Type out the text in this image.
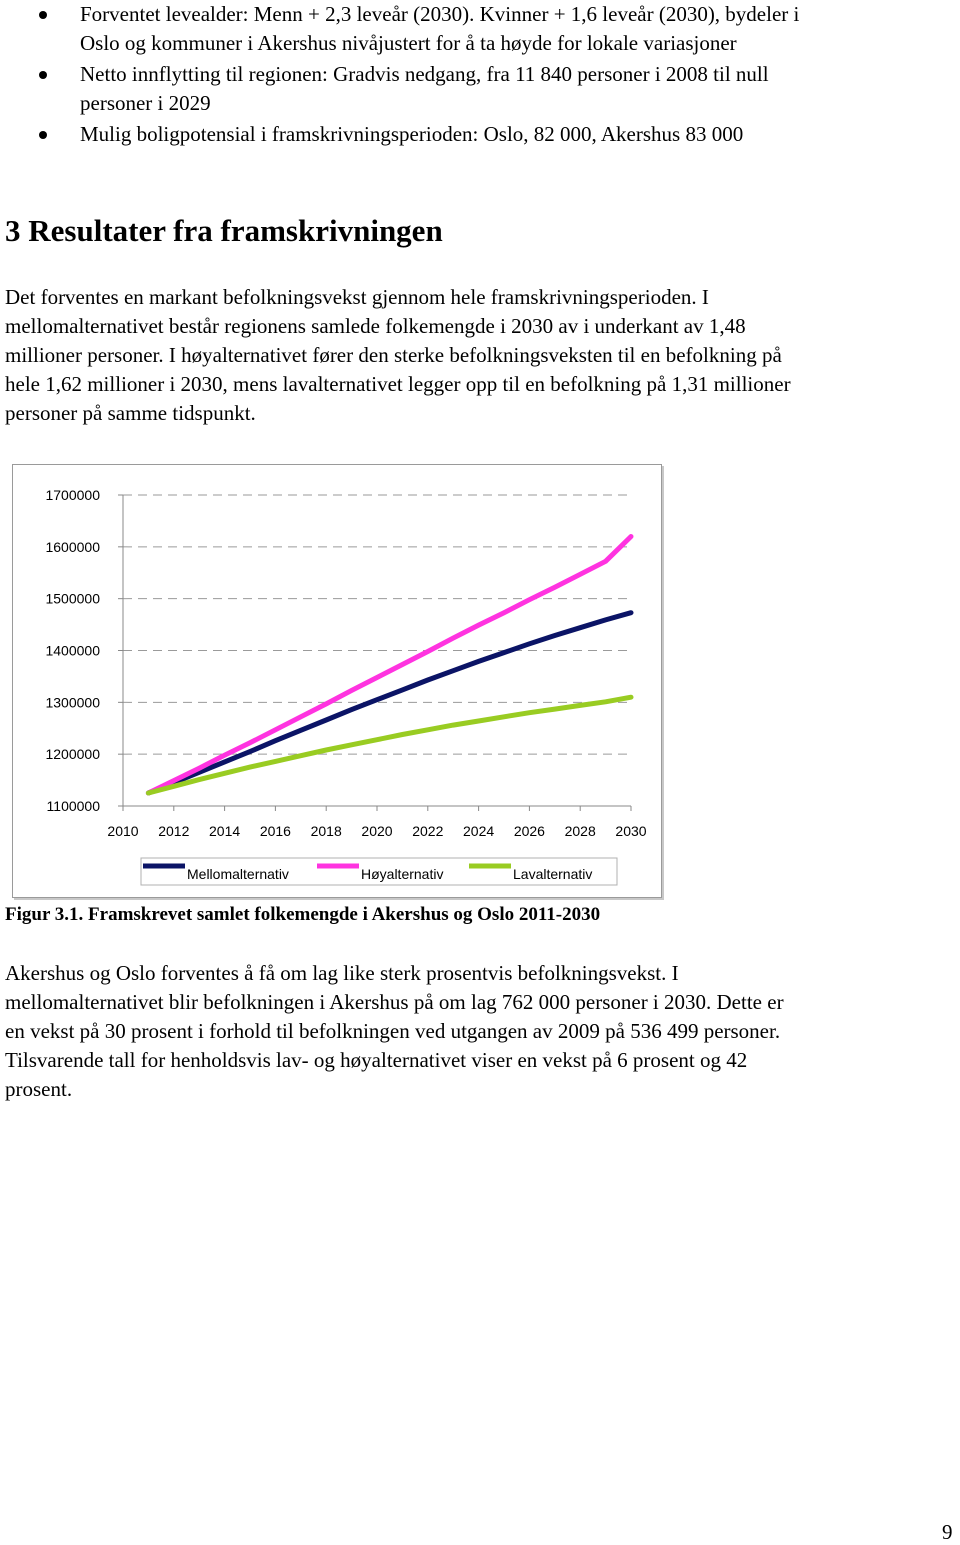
Forventet levealder: Menn + 2,3 leveår (2030). Kvinner + 1,6 leveår (2030), bydeler i
Oslo og kommuner i Akershus nivåjustert for å ta høyde for lokale variasjoner
Netto innflytting til regionen: Gradvis nedgang, fra 11 840 personer i 2008 til null
personer i 2029
Mulig boligpotensial i framskrivningsperioden: Oslo, 82 000, Akershus 83 000
3 Resultater fra framskrivningen
Det forventes en markant befolkningsvekst gjennom hele framskrivningsperioden. I
mellomalternativet består regionens samlede folkemengde i 2030 av i underkant av 1,48
millioner personer. I høyalternativet fører den sterke befolkningsveksten til en befolkning på
hele 1,62 millioner i 2030, mens lavalternativet legger opp til en befolkning på 1,31 millioner
personer på samme tidspunkt.
1700000
1600000
1500000
1400000
1300000
1200000
1100000
2010 2012 2014 2016 2018 2020 2022 2024 2026 2028 2030
Mellomalternativ	Høyalternativ	Lavalternativ
Figur 3.1. Framskrevet samlet folkemengde i Akershus og Oslo 2011-2030
Akershus og Oslo forventes å få om lag like sterk prosentvis befolkningsvekst. I
mellomalternativet blir befolkningen i Akershus på om lag 762 000 personer i 2030. Dette er
en vekst på 30 prosent i forhold til befolkningen ved utgangen av 2009 på 536 499 personer.
Tilsvarende tall for henholdsvis lav- og høyalternativet viser en vekst på 6 prosent og 42
prosent.
9
